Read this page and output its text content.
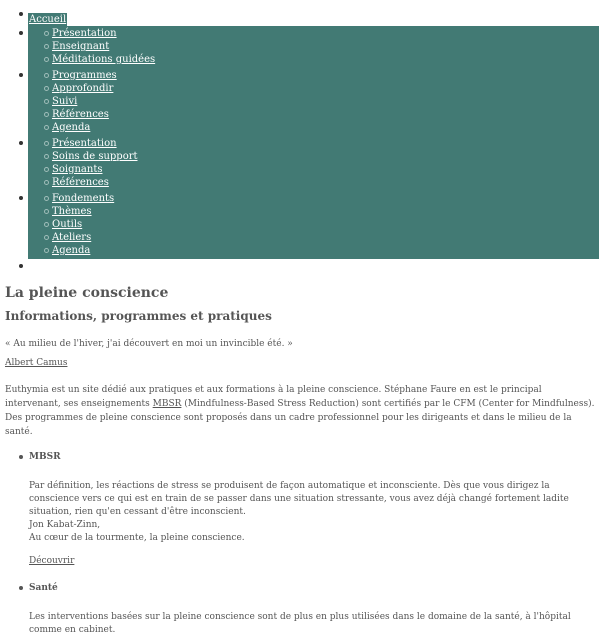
Accueil
Présentation
Enseignant
Méditations guidées
Programmes
Approfondir
Suivi
Références
Agenda
Présentation
Soins de support
Soignants
Références
Fondements
Thèmes
Outils
Ateliers
Agenda
La pleine conscience
Informations, programmes et pratiques

« Au milieu de l'hiver, j'ai découvert en moi un invincible été. »

Albert Camus

Euthymia est un site dédié aux pratiques et aux formations à la pleine conscience. Stéphane Faure en est le principal intervenant, ses enseignements MBSR (Mindfulness-Based Stress Reduction) sont certifiés par le CFM (Center for Mindfulness). Des programmes de pleine conscience sont proposés dans un cadre professionnel pour les dirigeants et dans le milieu de la santé.

MBSR

Par définition, les réactions de stress se produisent de façon automatique et inconsciente. Dès que vous dirigez la conscience vers ce qui est en train de se passer dans une situation stressante, vous avez déjà changé fortement ladite situation, rien qu'en cessant d'être inconscient.
Jon Kabat-Zinn,
Au cœur de la tourmente, la pleine conscience.

Découvrir
Santé

Les interventions basées sur la pleine conscience sont de plus en plus utilisées dans le domaine de la santé, à l'hôpital comme en cabinet.
